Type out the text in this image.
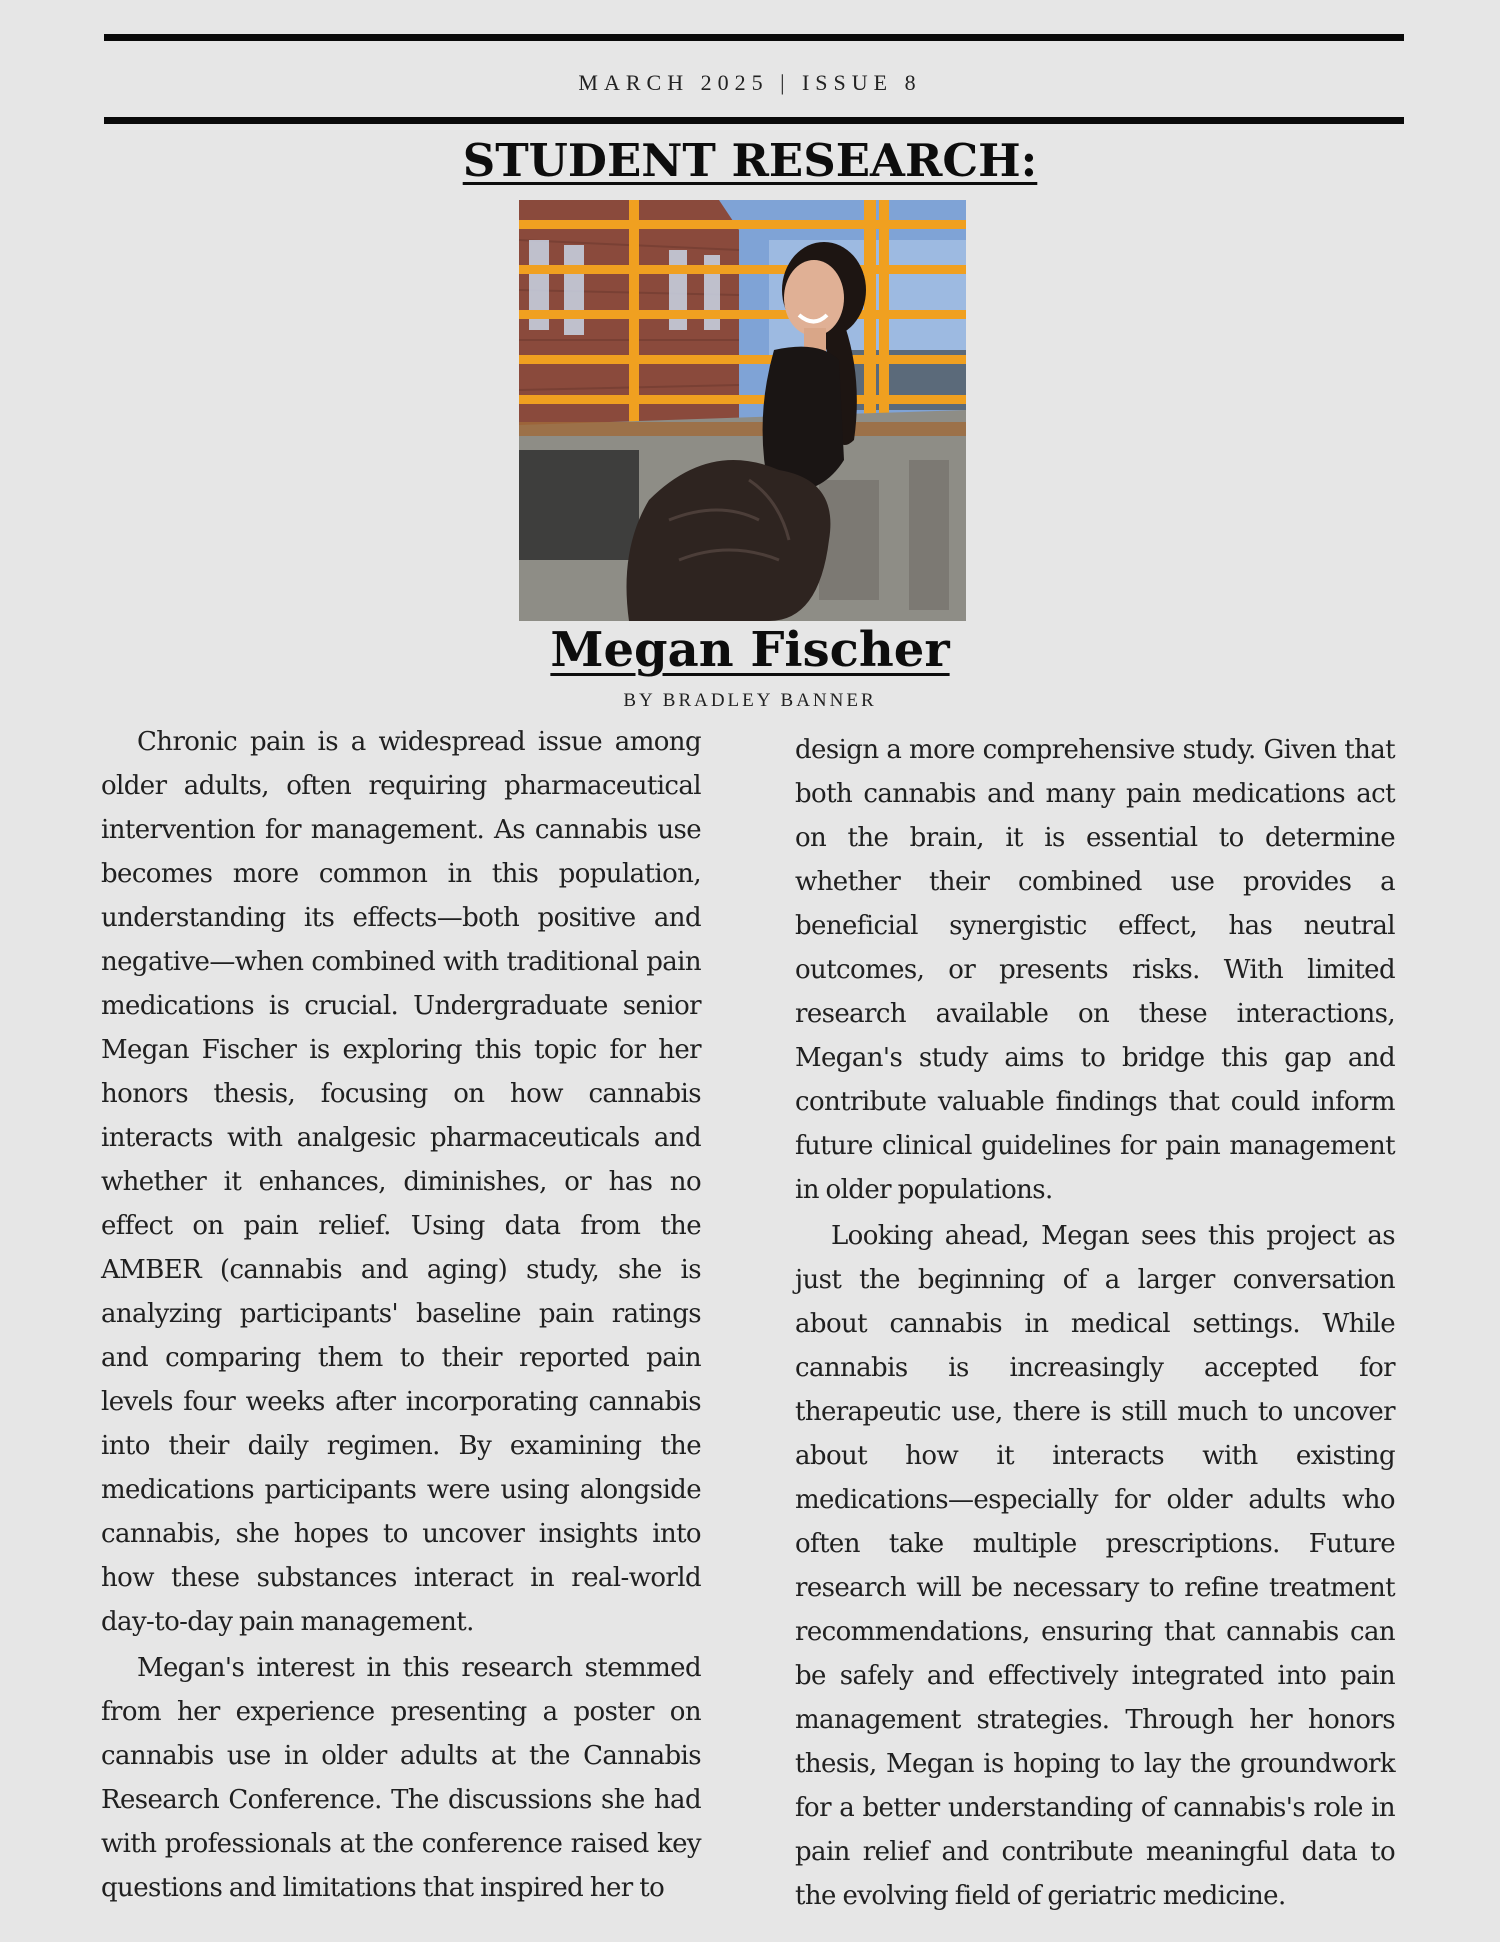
MARCH 2025 | ISSUE 8
STUDENT RESEARCH:
Megan Fischer
BY BRADLEY BANNER

Chronic pain is a widespread issue among older adults, often requiring pharmaceutical intervention for management. As cannabis use becomes more common in this population, understanding its effects—both positive and negative—when combined with traditional pain medications is crucial. Undergraduate senior Megan Fischer is exploring this topic for her honors thesis, focusing on how cannabis interacts with analgesic pharmaceuticals and whether it enhances, diminishes, or has no effect on pain relief. Using data from the AMBER (cannabis and aging) study, she is analyzing participants' baseline pain ratings and comparing them to their reported pain levels four weeks after incorporating cannabis into their daily regimen. By examining the medications participants were using alongside cannabis, she hopes to uncover insights into how these substances interact in real-world day-to-day pain management.

Megan's interest in this research stemmed from her experience presenting a poster on cannabis use in older adults at the Cannabis Research Conference. The discussions she had with professionals at the conference raised key questions and limitations that inspired her to

design a more comprehensive study. Given that both cannabis and many pain medications act on the brain, it is essential to determine whether their combined use provides a beneficial synergistic effect, has neutral outcomes, or presents risks. With limited research available on these interactions, Megan's study aims to bridge this gap and contribute valuable findings that could inform future clinical guidelines for pain management in older populations.

Looking ahead, Megan sees this project as just the beginning of a larger conversation about cannabis in medical settings. While cannabis is increasingly accepted for therapeutic use, there is still much to uncover about how it interacts with existing medications—especially for older adults who often take multiple prescriptions. Future research will be necessary to refine treatment recommendations, ensuring that cannabis can be safely and effectively integrated into pain management strategies. Through her honors thesis, Megan is hoping to lay the groundwork for a better understanding of cannabis's role in pain relief and contribute meaningful data to the evolving field of geriatric medicine.
